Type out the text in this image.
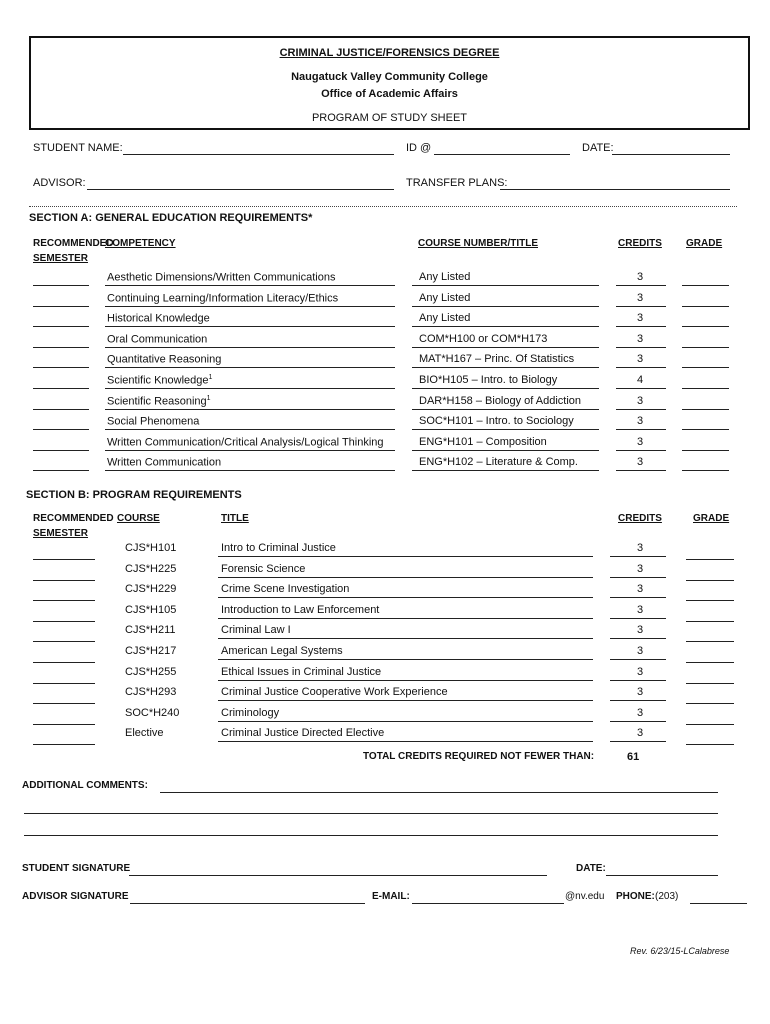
CRIMINAL JUSTICE/FORENSICS DEGREE
Naugatuck Valley Community College
Office of Academic Affairs
PROGRAM OF STUDY SHEET
STUDENT NAME:	ID @	DATE:
ADVISOR:	TRANSFER PLANS:
SECTION A: GENERAL EDUCATION REQUIREMENTS*
RECOMMENDED
SEMESTER
COMPETENCY	COURSE NUMBER/TITLE	CREDITS GRADE
Aesthetic Dimensions/Written Communications	Any Listed	3
Continuing Learning/Information Literacy/Ethics	Any Listed	3
Historical Knowledge	Any Listed	3
Oral Communication	COM*H100 or COM*H173	3
Quantitative Reasoning	MAT*H167 – Princ. Of Statistics	3
Scientific Knowledge$^1$	BIO*H105 – Intro. to Biology	4
Scientific Reasoning$^1$	DAR*H158 – Biology of Addiction	3
Social Phenomena	SOC*H101 – Intro. to Sociology	3
Written Communication/Critical Analysis/Logical Thinking	ENG*H101 – Composition	3
Written Communication	ENG*H102 – Literature & Comp.	3
SECTION B: PROGRAM REQUIREMENTS
RECOMMENDED
SEMESTER
COURSE	TITLE	CREDITS	GRADE
CJS*H101	Intro to Criminal Justice	3
CJS*H225	Forensic Science	3
CJS*H229	Crime Scene Investigation	3
CJS*H105	Introduction to Law Enforcement	3
CJS*H211	Criminal Law I	3
CJS*H217	American Legal Systems	3
CJS*H255	Ethical Issues in Criminal Justice	3
CJS*H293	Criminal Justice Cooperative Work Experience	3
SOC*H240	Criminology	3
Elective	Criminal Justice Directed Elective	3
TOTAL CREDITS REQUIRED NOT FEWER THAN:	61
ADDITIONAL COMMENTS:
STUDENT SIGNATURE	DATE:
ADVISOR SIGNATURE	E-MAIL:	@nv.edu PHONE: (203)
Rev. 6/23/15-LCalabrese
